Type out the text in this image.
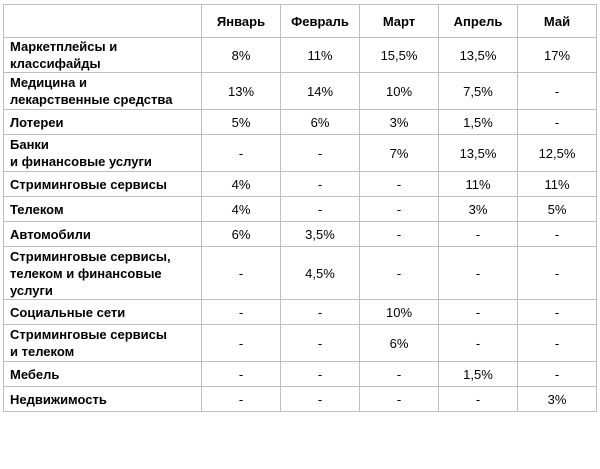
	Январь	Февраль	Март	Апрель	Май
Маркетплейсы и
классифайды	8%	11%	15,5%	13,5%	17%
Медицина и
лекарственные средства	13%	14%	10%	7,5%	-
Лотереи	5%	6%	3%	1,5%	-
Банки
и финансовые услуги	-	-	7%	13,5%	12,5%
Стриминговые сервисы	4%	-	-	11%	11%
Телеком	4%	-	-	3%	5%
Автомобили	6%	3,5%	-	-	-
Стриминговые сервисы,
телеком и финансовые
услуги	-	4,5%	-	-	-
Социальные сети	-	-	10%	-	-
Стриминговые сервисы
и телеком	-	-	6%	-	-
Мебель	-	-	-	1,5%	-
Недвижимость	-	-	-	-	3%
